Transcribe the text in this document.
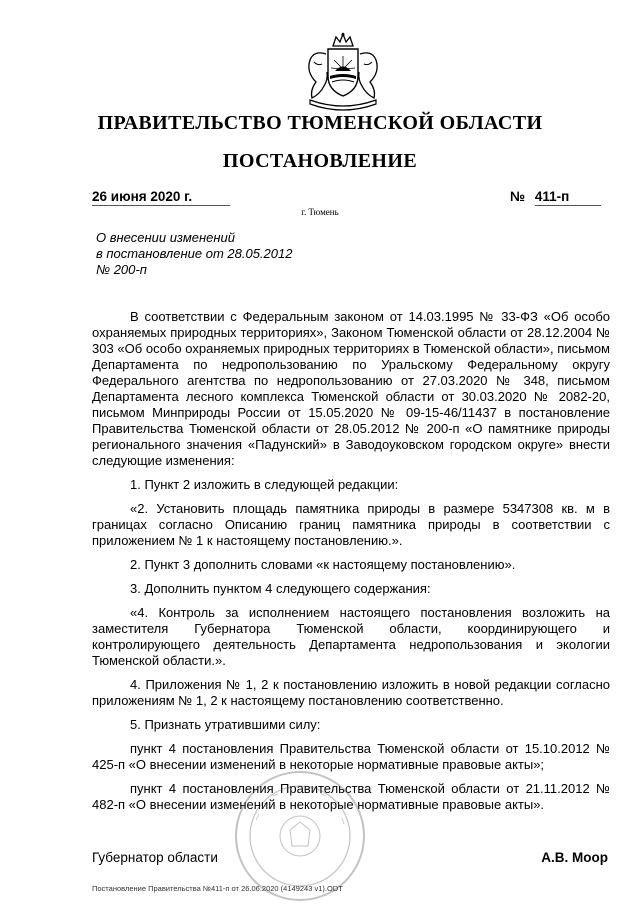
ПРАВИТЕЛЬСТВО ТЮМЕНСКОЙ ОБЛАСТИ
ПОСТАНОВЛЕНИЕ
26 июня 2020 г.	№ 411-п
г. Тюмень
О внесении изменений
в постановление от 28.05.2012
№ 200-п

В соответствии с Федеральным законом от 14.03.1995 № 33-ФЗ «Об особо охраняемых природных территориях», Законом Тюменской области от 28.12.2004 № 303 «Об особо охраняемых природных территориях в Тюменской области», письмом Департамента по недропользованию по Уральскому Федеральному округу Федерального агентства по недропользованию от 27.03.2020 № 348, письмом Департамента лесного комплекса Тюменской области от 30.03.2020 № 2082-20, письмом Минприроды России от 15.05.2020 № 09-15-46/11437 в постановление Правительства Тюменской области от 28.05.2012 № 200-п «О памятнике природы регионального значения «Падунский» в Заводоуковском городском округе» внести следующие изменения:

1. Пункт 2 изложить в следующей редакции:

«2. Установить площадь памятника природы в размере 5347308 кв. м в границах согласно Описанию границ памятника природы в соответствии с приложением № 1 к настоящему постановлению.».

2. Пункт 3 дополнить словами «к настоящему постановлению».

3. Дополнить пунктом 4 следующего содержания:

«4. Контроль за исполнением настоящего постановления возложить на заместителя Губернатора Тюменской области, координирующего и контролирующего деятельность Департамента недропользования и экологии Тюменской области.».

4. Приложения № 1, 2 к постановлению изложить в новой редакции согласно приложениям № 1, 2 к настоящему постановлению соответственно.

5. Признать утратившими силу:

пункт 4 постановления Правительства Тюменской области от 15.10.2012 № 425-п «О внесении изменений в некоторые нормативные правовые акты»;

пункт 4 постановления Правительства Тюменской области от 21.11.2012 № 482-п «О внесении изменений в некоторые нормативные правовые акты».

Губернатор области	А.В. Моор
Постановление Правительства №411-п от 26.06.2020 (4149243 v1).ODT
